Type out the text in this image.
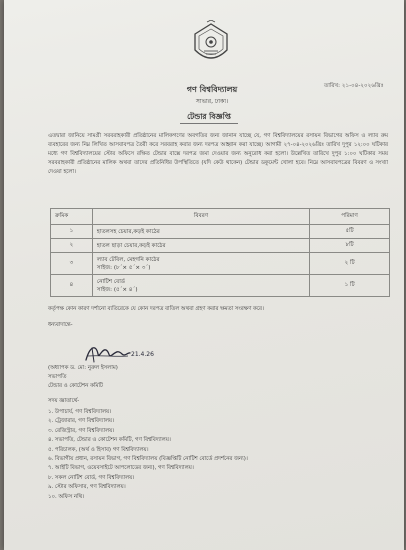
গণ বিশ্ববিদ্যালয়
সাভার, ঢাকা।
তারিখ: ২১-০৪-২০২৬খ্রিঃ
টেন্ডার বিজ্ঞপ্তি

এতদ্বারা জানিয়ে সামগ্রী সরবরাহকারী প্রতিষ্ঠানের মালিকগণের অবগতির জন্য জানান যাচ্ছে যে, গণ বিশ্ববিদ্যালয়ের রসায়ন বিভাগের অফিস ও ল্যাব রুম ব্যবহারের জন্য নিম্ন লিখিত আসবাবপত্র তৈরী করে সরবরাহ করার জন্য দরপত্র আহ্বান করা যাচ্ছে। আগামী ২৭-০৪-২০২৬খ্রিঃ তারিখ দুপুর ১২:০০ ঘটিকার মধ্যে গণ বিশ্ববিদ্যালয়ের স্টোর অফিসে রক্ষিত টেন্ডার বাক্সে দরপত্র জমা দেওয়ার জন্য অনুরোধ করা হলো। উল্লেখিত তারিখে দুপুর ১:০০ ঘটিকার সময় সরবরাহকারী প্রতিষ্ঠানের মালিক অথবা তাদের প্রতিনিধির উপস্থিতিতে (যদি কেউ থাকেন) টেন্ডার ডকুমেন্ট খোলা হবে। নিম্নে আসবাবপত্রের বিবরণ ও সংখ্যা দেওয়া হলো।

ক্রমিক	বিবরণ	পরিমাণ
১	হাতলসহ চেয়ার,কড়ই কাঠের	৫টি
২	হাতল ছাড়া চেয়ার,কড়ই কাঠের	৮টি
৩	ল্যাব টেবিল, মেহগনি কাঠের
সাইজ: (৮´× ৫´× ৩´)	২ টি
৪	নোটিশ বোর্ড
সাইজ: (৫´× ৪´)	১ টি

কর্তৃপক্ষ কোন কারণ দর্শানো ব্যতিরেকে যে কোন দরপত্র বাতিল অথবা গ্রহণ করার ক্ষমতা সংরক্ষণ করে।

ধন্যবাদান্তে-
21.4.26
(অধ্যাপক ড. মো: নুরুল ইসলাম)
সভাপতি
টেন্ডার ও কোটেশন কমিটি
সদয় জ্ঞাতার্থে-
১. উপাচার্য, গণ বিশ্ববিদ্যালয়।
২. ট্রেজারার, গণ বিশ্ববিদ্যালয়।
৩. রেজিস্ট্রার, গণ বিশ্ববিদ্যালয়।
৪. সভাপতি, টেন্ডার ও কোটেশন কমিটি, গণ বিশ্ববিদ্যালয়।
৫. পরিচালক, (অর্থ ও হিসাব) গণ বিশ্ববিদ্যালয়।
৬. বিভাগীয় প্রধান, রসায়ন বিভাগ, গণ বিশ্ববিদ্যালয় (বিজ্ঞপ্তিটি নোটিশ বোর্ডে প্রদর্শনের জন্য)।
৭. আইটি বিভাগ, ওয়েবসাইটে আপলোডের জন্য), গণ বিশ্ববিদ্যালয়।
৮. সকল নোটিশ বোর্ড, গণ বিশ্ববিদ্যালয়।
৯. স্টোর অফিসার, গণ বিশ্ববিদ্যালয়।
১০. অফিস নথি।
